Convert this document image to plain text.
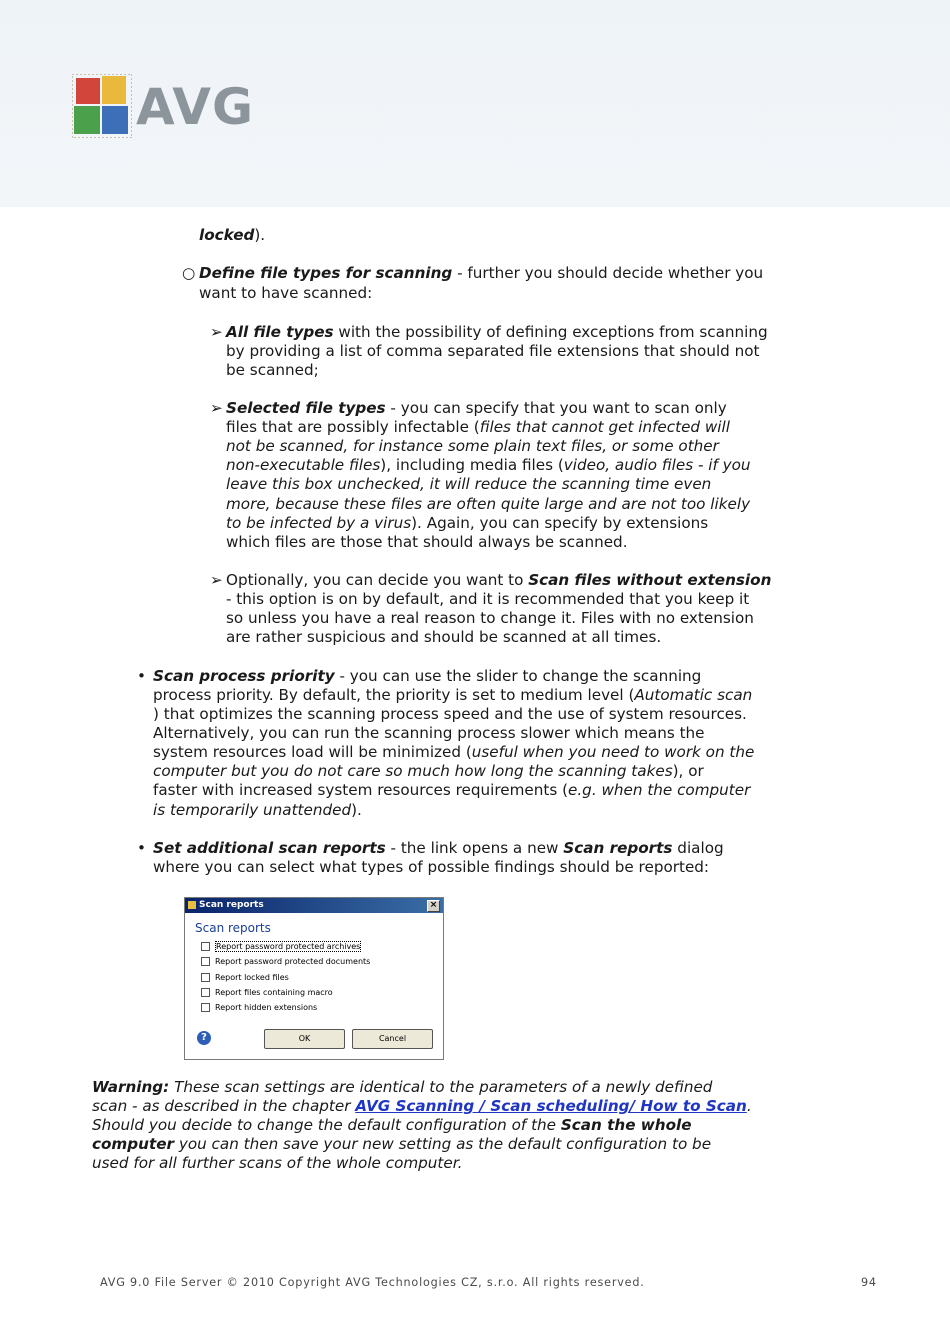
AVG
locked).
○ Define file types for scanning - further you should decide whether you
want to have scanned:
➢ All file types with the possibility of defining exceptions from scanning
by providing a list of comma separated file extensions that should not
be scanned;
➢ Selected file types - you can specify that you want to scan only
files that are possibly infectable (files that cannot get infected will
not be scanned, for instance some plain text files, or some other
non-executable files), including media files (video, audio files - if you
leave this box unchecked, it will reduce the scanning time even
more, because these files are often quite large and are not too likely
to be infected by a virus). Again, you can specify by extensions
which files are those that should always be scanned.
➢ Optionally, you can decide you want to Scan files without extension
- this option is on by default, and it is recommended that you keep it
so unless you have a real reason to change it. Files with no extension
are rather suspicious and should be scanned at all times.
• Scan process priority - you can use the slider to change the scanning
process priority. By default, the priority is set to medium level (Automatic scan
) that optimizes the scanning process speed and the use of system resources.
Alternatively, you can run the scanning process slower which means the
system resources load will be minimized (useful when you need to work on the
computer but you do not care so much how long the scanning takes), or
faster with increased system resources requirements (e.g. when the computer
is temporarily unattended).
• Set additional scan reports - the link opens a new Scan reports dialog
where you can select what types of possible findings should be reported:
Scan reports	×
Scan reports
Report password protected archives
Report password protected documents
Report locked files
Report files containing macro
Report hidden extensions
?	OK	Cancel
Warning: These scan settings are identical to the parameters of a newly defined
scan - as described in the chapter AVG Scanning / Scan scheduling/ How to Scan.
Should you decide to change the default configuration of the Scan the whole
computer you can then save your new setting as the default configuration to be
used for all further scans of the whole computer.
AVG 9.0 File Server © 2010 Copyright AVG Technologies CZ, s.r.o. All rights reserved.	94
